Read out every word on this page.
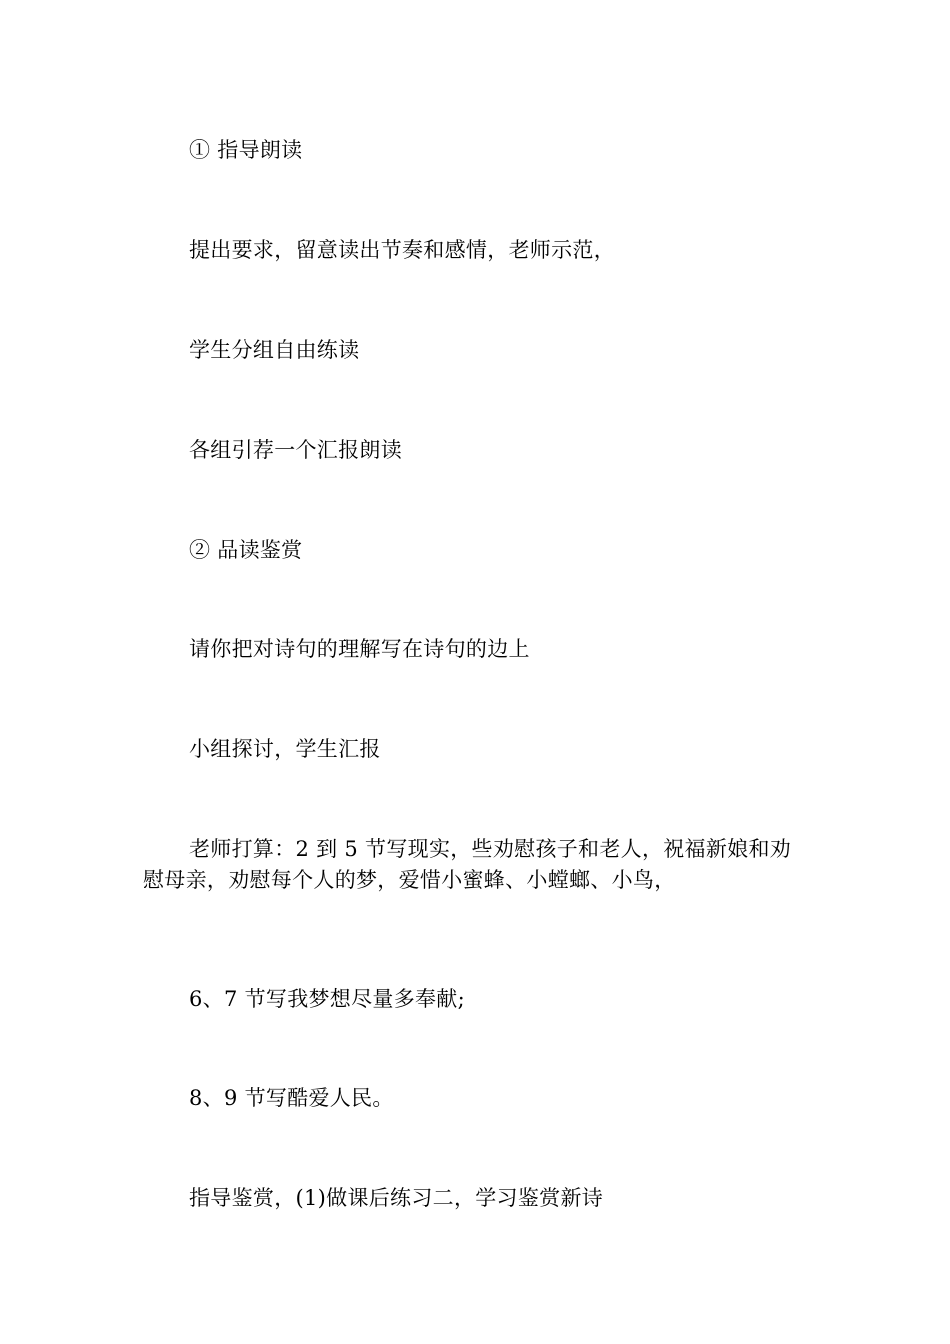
① 指导朗读

提出要求，留意读出节奏和感情，老师示范，

学生分组自由练读

各组引荐一个汇报朗读

② 品读鉴赏

请你把对诗句的理解写在诗句的边上

小组探讨，学生汇报

老师打算：2 到 5 节写现实，些劝慰孩子和老人，祝福新娘和劝慰母亲，劝慰每个人的梦，爱惜小蜜蜂、小螳螂、小鸟，

6、7 节写我梦想尽量多奉献;

8、9 节写酷爱人民。

指导鉴赏，(1)做课后练习二，学习鉴赏新诗
